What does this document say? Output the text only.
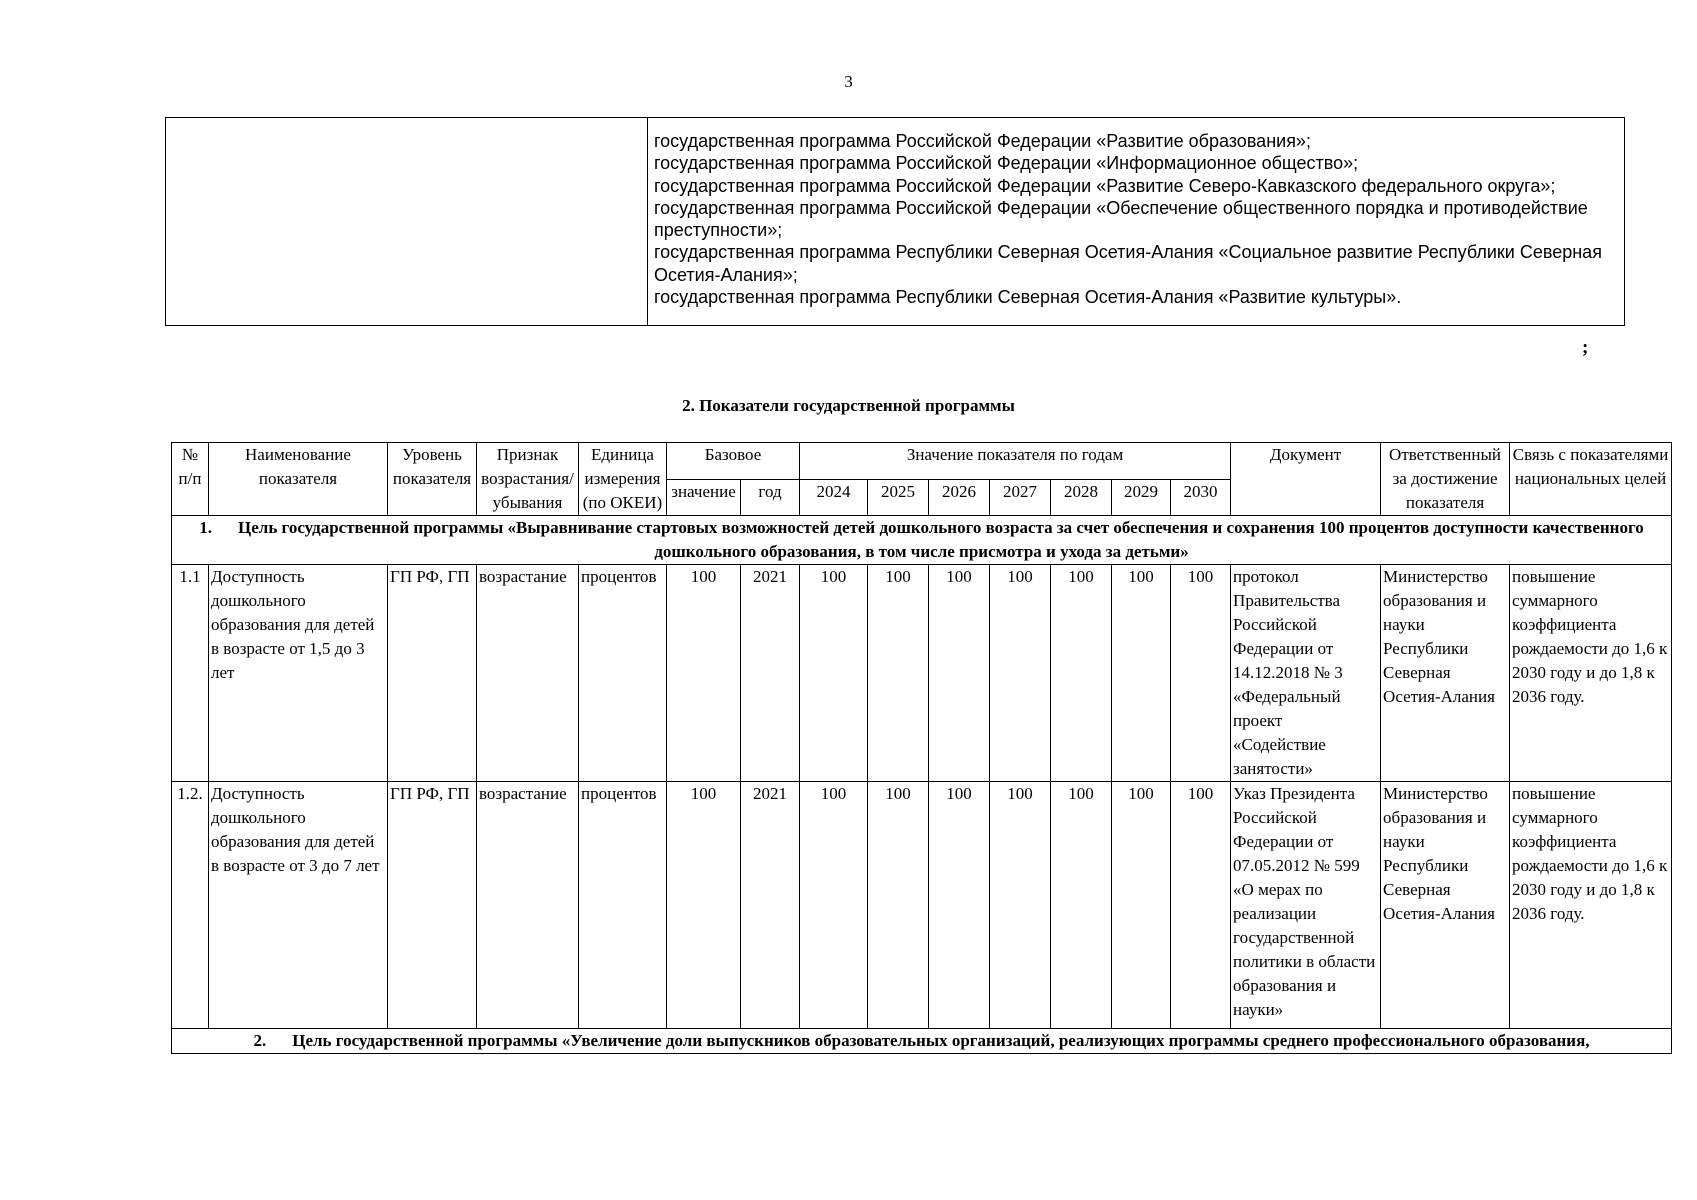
3

государственная программа Российской Федерации «Развитие образования»;
государственная программа Российской Федерации «Информационное общество»;
государственная программа Российской Федерации «Развитие Северо-Кавказского федерального округа»;
государственная программа Российской Федерации «Обеспечение общественного порядка и противодействие преступности»;
государственная программа Республики Северная Осетия-Алания «Социальное развитие Республики Северная Осетия-Алания»;
государственная программа Республики Северная Осетия-Алания «Развитие культуры».
;
2. Показатели государственной программы
№ п/п	Наименование показателя	Уровень показателя	Признак возрастания/ убывания	Единица измерения (по ОКЕИ)	Базовое		Значение показателя по годам							Документ	Ответственный за достижение показателя	Связь с показателями национальных целей
					значение	год	2024	2025	2026	2027	2028	2029	2030			
1. Цель государственной программы «Выравнивание стартовых возможностей детей дошкольного возраста за счет обеспечения и сохранения 100 процентов доступности качественного дошкольного образования, в том числе присмотра и ухода за детьми»																
1.1	Доступность дошкольного образования для детей в возрасте от 1,5 до 3 лет	ГП РФ, ГП	возрастание	процентов	100	2021	100	100	100	100	100	100	100	протокол Правительства Российской Федерации от 14.12.2018 № 3 «Федеральный проект «Содействие занятости»	Министерство образования и науки Республики Северная Осетия-Алания	повышение суммарного коэффициента рождаемости до 1,6 к 2030 году и до 1,8 к 2036 году.
1.2.	Доступность дошкольного образования для детей в возрасте от 3 до 7 лет	ГП РФ, ГП	возрастание	процентов	100	2021	100	100	100	100	100	100	100	Указ Президента Российской Федерации от 07.05.2012 № 599 «О мерах по реализации государственной политики в области образования и науки»	Министерство образования и науки Республики Северная Осетия-Алания	повышение суммарного коэффициента рождаемости до 1,6 к 2030 году и до 1,8 к 2036 году.
2. Цель государственной программы «Увеличение доли выпускников образовательных организаций, реализующих программы среднего профессионального образования,																
